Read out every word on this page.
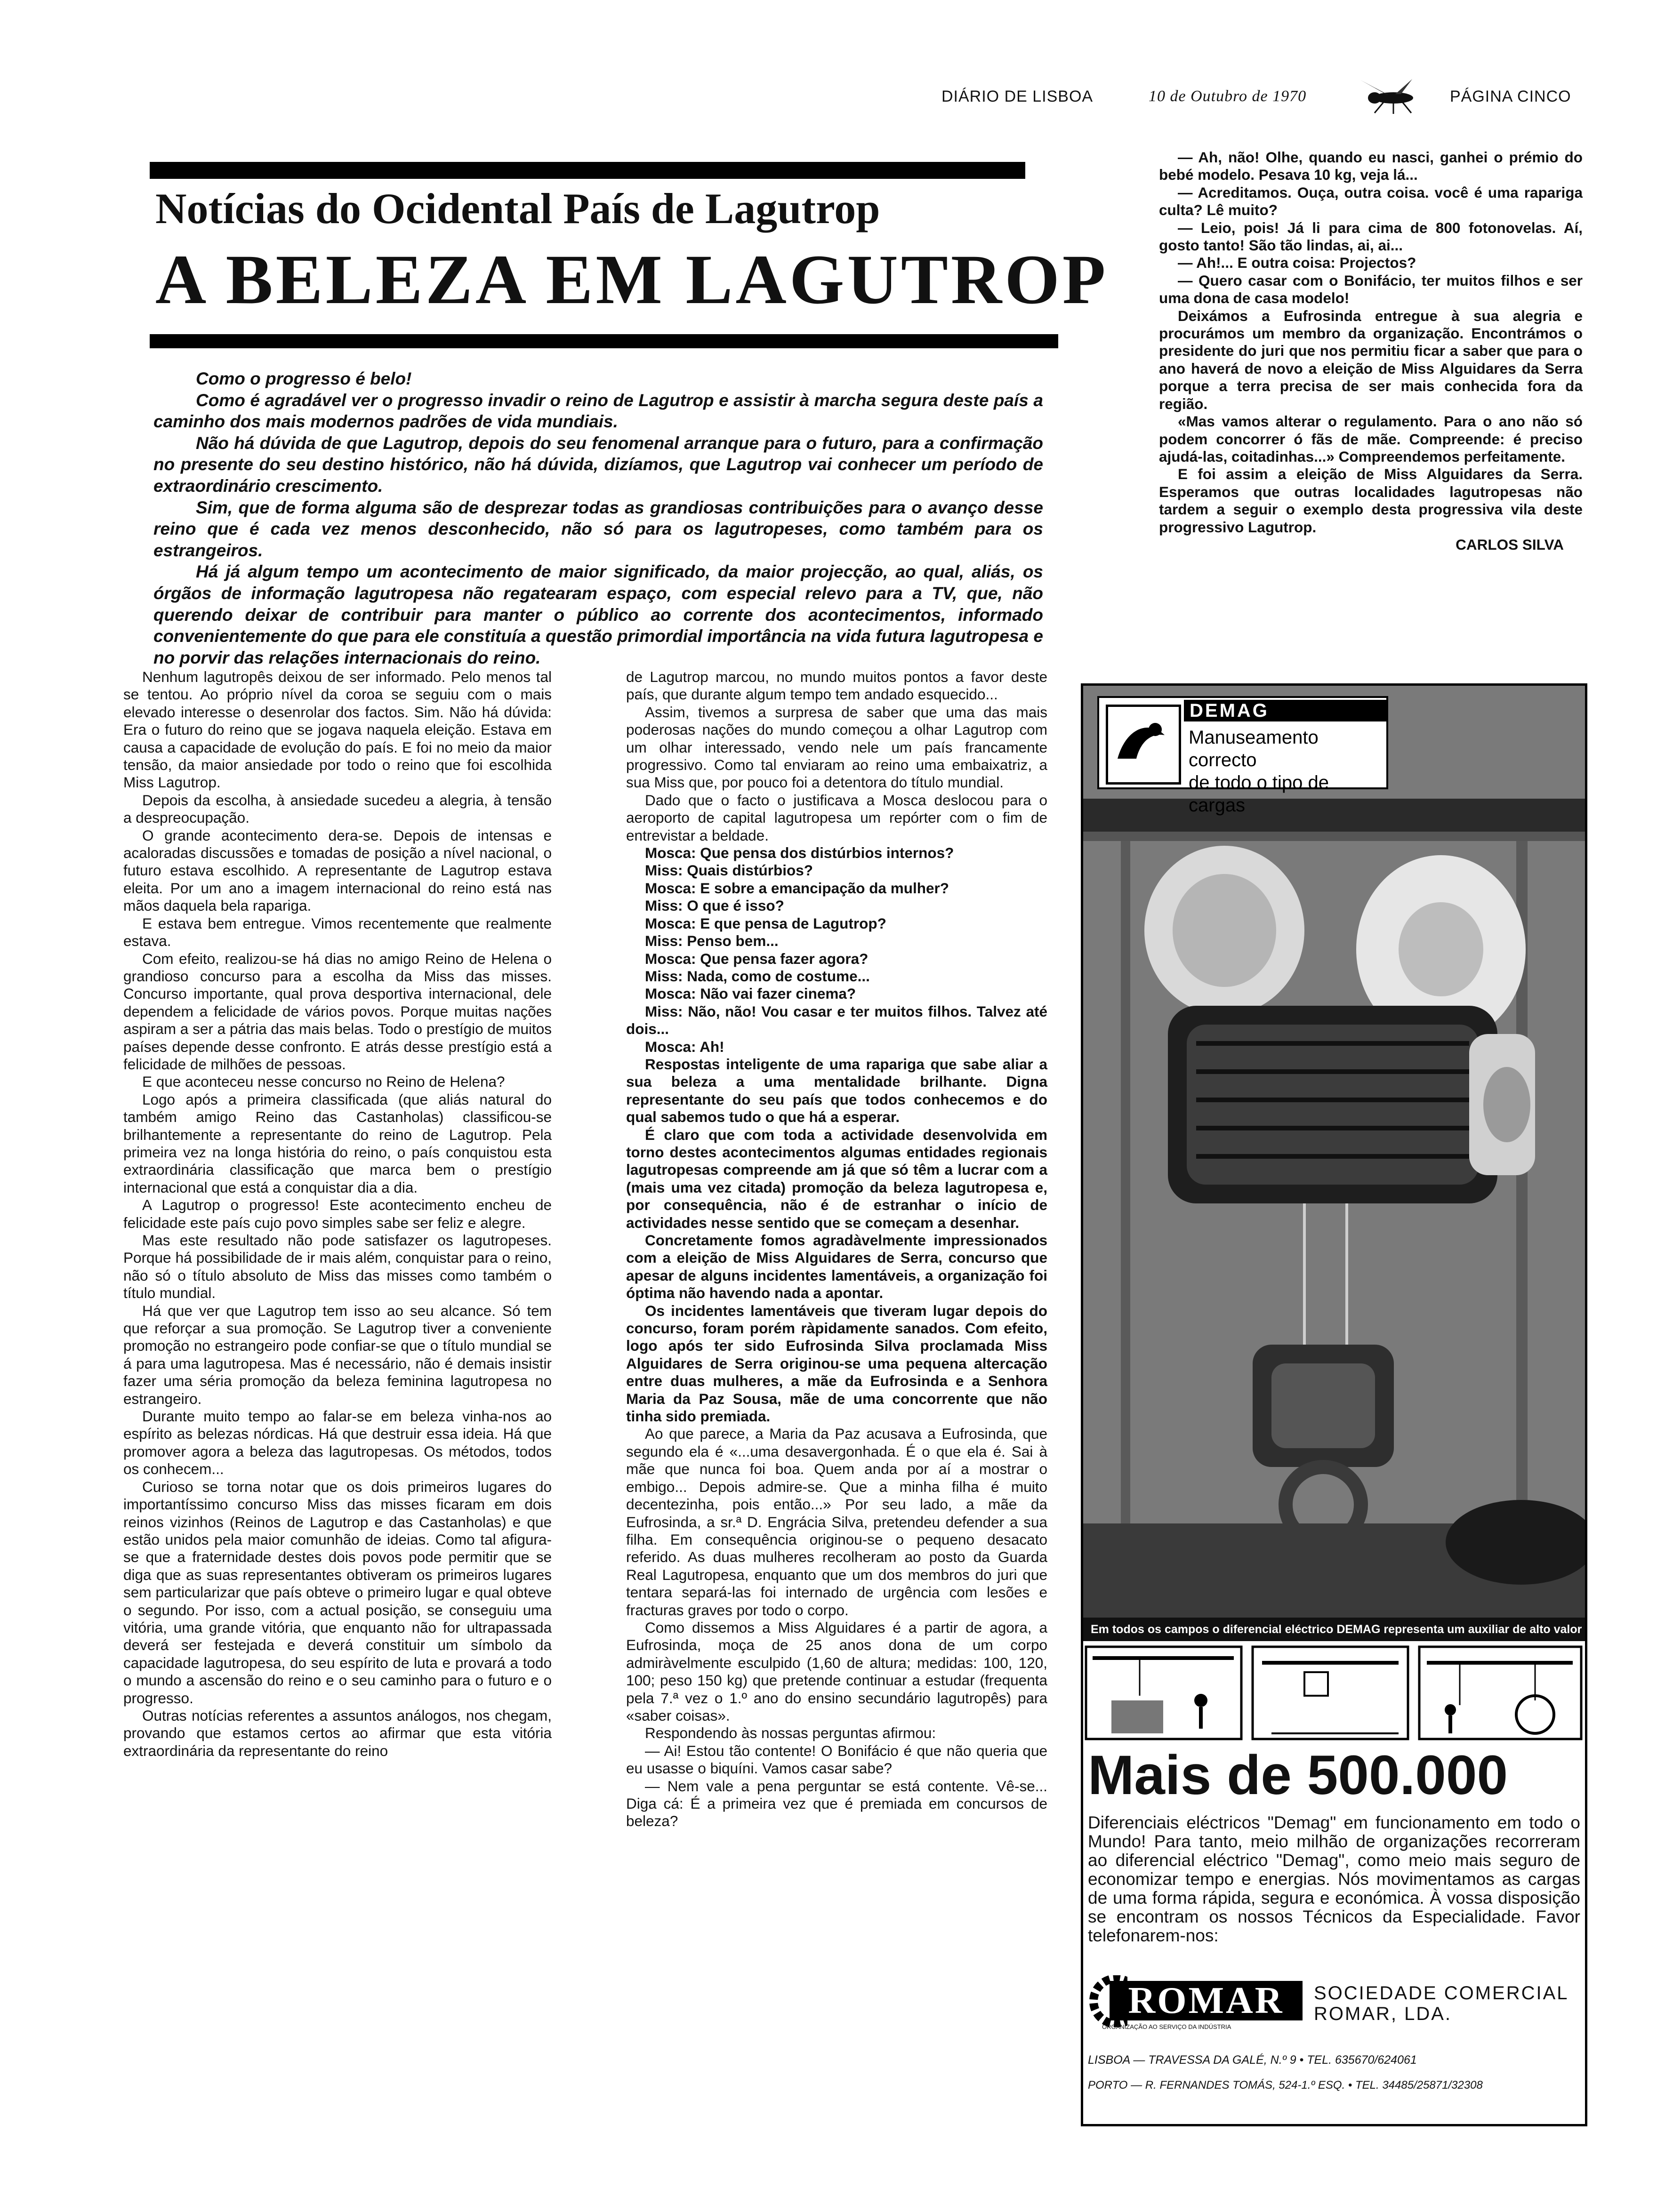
DIÁRIO DE LISBOA	10 de Outubro de 1970	PÁGINA CINCO
Notícias do Ocidental País de Lagutrop
A BELEZA EM LAGUTROP

Como o progresso é belo!

Como é agradável ver o progresso invadir o reino de Lagutrop e assistir à marcha segura deste país a caminho dos mais modernos padrões de vida mundiais.

Não há dúvida de que Lagutrop, depois do seu fenomenal arranque para o futuro, para a confirmação no presente do seu destino histórico, não há dúvida, dizíamos, que Lagutrop vai conhecer um período de extraordinário crescimento.

Sim, que de forma alguma são de desprezar todas as grandiosas contribuições para o avanço desse reino que é cada vez menos desconhecido, não só para os lagutropeses, como também para os estrangeiros.

Há já algum tempo um acontecimento de maior significado, da maior projecção, ao qual, aliás, os órgãos de informação lagutropesa não regatearam espaço, com especial relevo para a TV, que, não querendo deixar de contribuir para manter o público ao corrente dos acontecimentos, informado convenientemente do que para ele constituía a questão primordial importância na vida futura lagutropesa e no porvir das relações internacionais do reino.

Nenhum lagutropês deixou de ser informado. Pelo menos tal se tentou. Ao próprio nível da coroa se seguiu com o mais elevado interesse o desenrolar dos factos. Sim. Não há dúvida: Era o futuro do reino que se jogava naquela eleição. Estava em causa a capacidade de evolução do país. E foi no meio da maior tensão, da maior ansiedade por todo o reino que foi escolhida Miss Lagutrop.

Depois da escolha, à ansiedade sucedeu a alegria, à tensão a despreocupação.

O grande acontecimento dera-se. Depois de intensas e acaloradas discussões e tomadas de posição a nível nacional, o futuro estava escolhido. A representante de Lagutrop estava eleita. Por um ano a imagem internacional do reino está nas mãos daquela bela rapariga.

E estava bem entregue. Vimos recentemente que realmente estava.

Com efeito, realizou-se há dias no amigo Reino de Helena o grandioso concurso para a escolha da Miss das misses. Concurso importante, qual prova desportiva internacional, dele dependem a felicidade de vários povos. Porque muitas nações aspiram a ser a pátria das mais belas. Todo o prestígio de muitos países depende desse confronto. E atrás desse prestígio está a felicidade de milhões de pessoas.

E que aconteceu nesse concurso no Reino de Helena?

Logo após a primeira classificada (que aliás natural do também amigo Reino das Castanholas) classificou-se brilhantemente a representante do reino de Lagutrop. Pela primeira vez na longa história do reino, o país conquistou esta extraordinária classificação que marca bem o prestígio internacional que está a conquistar dia a dia.

A Lagutrop o progresso! Este acontecimento encheu de felicidade este país cujo povo simples sabe ser feliz e alegre.

Mas este resultado não pode satisfazer os lagutropeses. Porque há possibilidade de ir mais além, conquistar para o reino, não só o título absoluto de Miss das misses como também o título mundial.

Há que ver que Lagutrop tem isso ao seu alcance. Só tem que reforçar a sua promoção. Se Lagutrop tiver a conveniente promoção no estrangeiro pode confiar-se que o título mundial se á para uma lagutropesa. Mas é necessário, não é demais insistir fazer uma séria promoção da beleza feminina lagutropesa no estrangeiro.

Durante muito tempo ao falar-se em beleza vinha-nos ao espírito as belezas nórdicas. Há que destruir essa ideia. Há que promover agora a beleza das lagutropesas. Os métodos, todos os conhecem...

Curioso se torna notar que os dois primeiros lugares do importantíssimo concurso Miss das misses ficaram em dois reinos vizinhos (Reinos de Lagutrop e das Castanholas) e que estão unidos pela maior comunhão de ideias. Como tal afigura-se que a fraternidade destes dois povos pode permitir que se diga que as suas representantes obtiveram os primeiros lugares sem particularizar que país obteve o primeiro lugar e qual obteve o segundo. Por isso, com a actual posição, se conseguiu uma vitória, uma grande vitória, que enquanto não for ultrapassada deverá ser festejada e deverá constituir um símbolo da capacidade lagutropesa, do seu espírito de luta e provará a todo o mundo a ascensão do reino e o seu caminho para o futuro e o progresso.

Outras notícias referentes a assuntos análogos, nos chegam, provando que estamos certos ao afirmar que esta vitória extraordinária da representante do reino

de Lagutrop marcou, no mundo muitos pontos a favor deste país, que durante algum tempo tem andado esquecido...

Assim, tivemos a surpresa de saber que uma das mais poderosas nações do mundo começou a olhar Lagutrop com um olhar interessado, vendo nele um país francamente progressivo. Como tal enviaram ao reino uma embaixatriz, a sua Miss que, por pouco foi a detentora do título mundial.

Dado que o facto o justificava a Mosca deslocou para o aeroporto de capital lagutropesa um repórter com o fim de entrevistar a beldade.

Mosca: Que pensa dos distúrbios internos?

Miss: Quais distúrbios?

Mosca: E sobre a emancipação da mulher?

Miss: O que é isso?

Mosca: E que pensa de Lagutrop?

Miss: Penso bem...

Mosca: Que pensa fazer agora?

Miss: Nada, como de costume...

Mosca: Não vai fazer cinema?

Miss: Não, não! Vou casar e ter muitos filhos. Talvez até dois...

Mosca: Ah!

Respostas inteligente de uma rapariga que sabe aliar a sua beleza a uma mentalidade brilhante. Digna representante do seu país que todos conhecemos e do qual sabemos tudo o que há a esperar.

É claro que com toda a actividade desenvolvida em torno destes acontecimentos algumas entidades regionais lagutropesas compreende am já que só têm a lucrar com a (mais uma vez citada) promoção da beleza lagutropesa e, por consequência, não é de estranhar o início de actividades nesse sentido que se começam a desenhar.

Concretamente fomos agradàvelmente impressionados com a eleição de Miss Alguidares de Serra, concurso que apesar de alguns incidentes lamentáveis, a organização foi óptima não havendo nada a apontar.

Os incidentes lamentáveis que tiveram lugar depois do concurso, foram porém ràpidamente sanados. Com efeito, logo após ter sido Eufrosinda Silva proclamada Miss Alguidares de Serra originou-se uma pequena altercação entre duas mulheres, a mãe da Eufrosinda e a Senhora Maria da Paz Sousa, mãe de uma concorrente que não tinha sido premiada.

Ao que parece, a Maria da Paz acusava a Eufrosinda, que segundo ela é «...uma desavergonhada. É o que ela é. Sai à mãe que nunca foi boa. Quem anda por aí a mostrar o embigo... Depois admire-se. Que a minha filha é muito decentezinha, pois então...» Por seu lado, a mãe da Eufrosinda, a sr.ª D. Engrácia Silva, pretendeu defender a sua filha. Em consequência originou-se o pequeno desacato referido. As duas mulheres recolheram ao posto da Guarda Real Lagutropesa, enquanto que um dos membros do juri que tentara separá-las foi internado de urgência com lesões e fracturas graves por todo o corpo.

Como dissemos a Miss Alguidares é a partir de agora, a Eufrosinda, moça de 25 anos dona de um corpo admiràvelmente esculpido (1,60 de altura; medidas: 100, 120, 100; peso 150 kg) que pretende continuar a estudar (frequenta pela 7.ª vez o 1.º ano do ensino secundário lagutropês) para «saber coisas».

Respondendo às nossas perguntas afirmou:

— Ai! Estou tão contente! O Bonifácio é que não queria que eu usasse o biquíni. Vamos casar sabe?

— Nem vale a pena perguntar se está contente. Vê-se... Diga cá: É a primeira vez que é premiada em concursos de beleza?

— Ah, não! Olhe, quando eu nasci, ganhei o prémio do bebé modelo. Pesava 10 kg, veja lá...

— Acreditamos. Ouça, outra coisa. você é uma rapariga culta? Lê muito?

— Leio, pois! Já li para cima de 800 fotonovelas. Aí, gosto tanto! São tão lindas, ai, ai...

— Ah!... E outra coisa: Projectos?

— Quero casar com o Bonifácio, ter muitos filhos e ser uma dona de casa modelo!

Deixámos a Eufrosinda entregue à sua alegria e procurámos um membro da organização. Encontrámos o presidente do juri que nos permitiu ficar a saber que para o ano haverá de novo a eleição de Miss Alguidares da Serra porque a terra precisa de ser mais conhecida fora da região.

«Mas vamos alterar o regulamento. Para o ano não só podem concorrer ó fãs de mãe. Compreende: é preciso ajudá-las, coitadinhas...» Compreendemos perfeitamente.

E foi assim a eleição de Miss Alguidares da Serra. Esperamos que outras localidades lagutropesas não tardem a seguir o exemplo desta progressiva vila deste progressivo Lagutrop.

CARLOS SILVA

DEMAG
Manuseamento correcto
de todo o tipo de cargas
Em todos os campos o diferencial eléctrico DEMAG representa um auxiliar de alto valor
Mais de 500.000
Diferenciais eléctricos "Demag" em funcionamento em todo o Mundo! Para tanto, meio milhão de organizações recorreram ao diferencial eléctrico "Demag", como meio mais seguro de economizar tempo e energias. Nós movimentamos as cargas de uma forma rápida, segura e económica. À vossa disposição se encontram os nossos Técnicos da Especialidade. Favor telefonarem-nos:
ROMAR
ORGANIZAÇÃO AO SERVIÇO DA INDÚSTRIA
SOCIEDADE COMERCIAL
ROMAR, LDA.
LISBOA — TRAVESSA DA GALÉ, N.º 9 • TEL. 635670/624061
PORTO — R. FERNANDES TOMÁS, 524-1.º ESQ. • TEL. 34485/25871/32308
